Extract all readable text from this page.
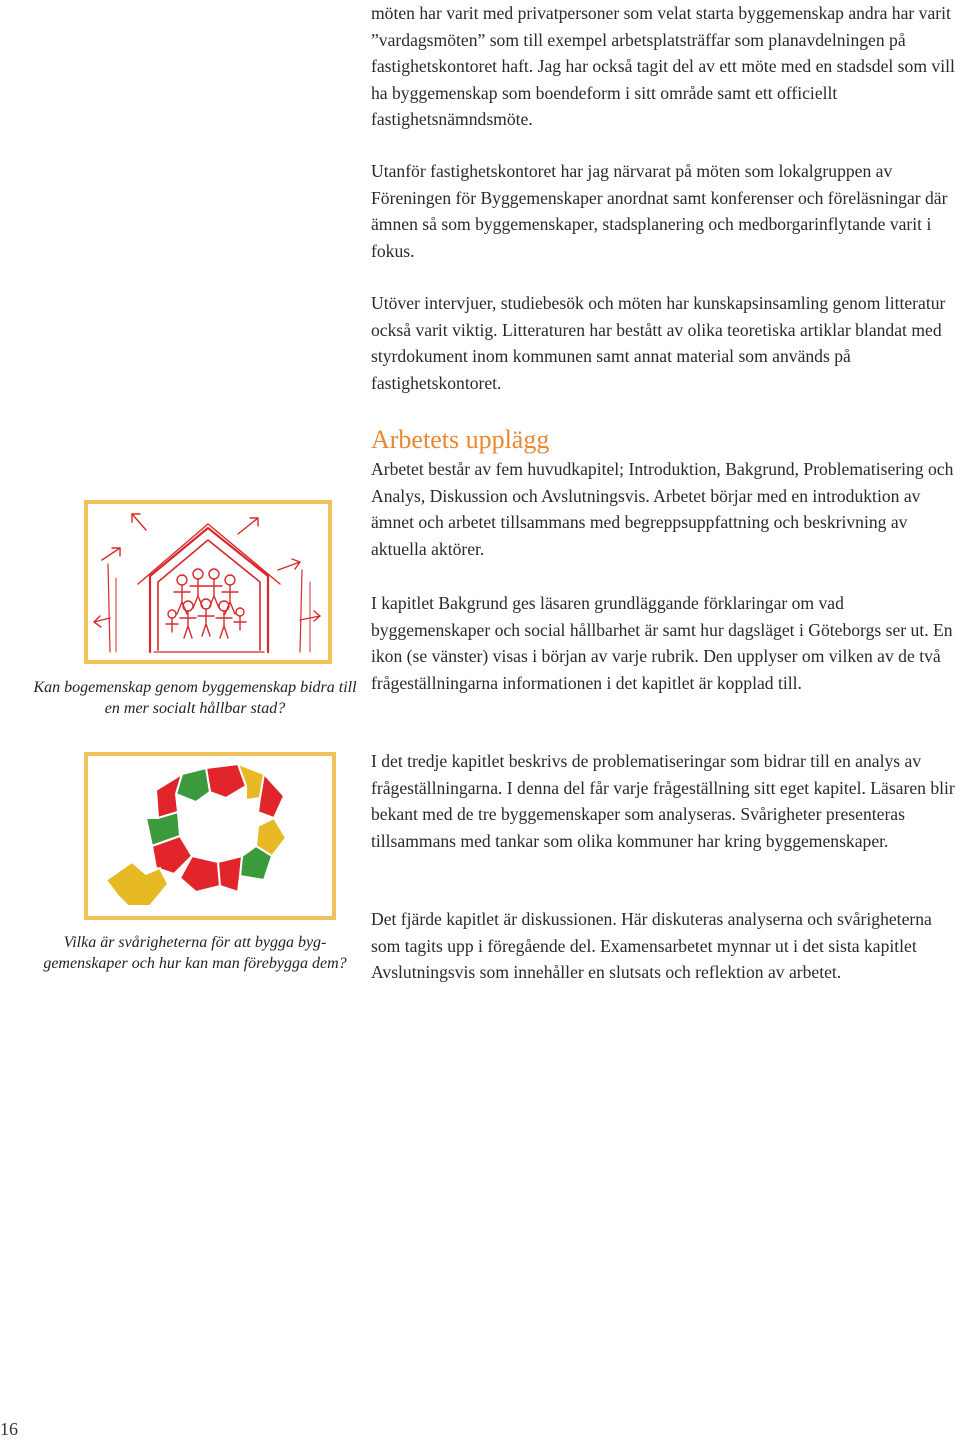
möten har varit med privatpersoner som velat starta byggemenskap andra har varit ”vardagsmöten” som till exempel arbetsplatsträffar som planavdelningen på fastighetskontoret haft. Jag har också tagit del av ett möte med en stadsdel som vill ha byggemenskap som boendeform i sitt område samt ett officiellt fastighetsnämndsmöte.

Utanför fastighetskontoret har jag närvarat på möten som lokalgruppen av Föreningen för Byggemenskaper anordnat samt konferenser och föreläsningar där ämnen så som byggemenskaper, stadsplanering och medborgarinflytande varit i fokus.

Utöver intervjuer, studiebesök och möten har kunskapsinsamling genom litteratur också varit viktig. Litteraturen har bestått av olika teoretiska artiklar blandat med styrdokument inom kommunen samt annat material som används på fastighetskontoret.

Arbetets upplägg

Arbetet består av fem huvudkapitel; Introduktion, Bakgrund, Problematisering och Analys, Diskussion och Avslutningsvis. Arbetet börjar med en introduktion av ämnet och arbetet tillsammans med begreppsuppfattning och beskrivning av aktuella aktörer.

I kapitlet Bakgrund ges läsaren grundläggande förklaringar om vad byggemenskaper och social hållbarhet är samt hur dagsläget i Göteborgs ser ut. En ikon (se vänster) visas i början av varje rubrik. Den upplyser om vilken av de två frågeställningarna informationen i det kapitlet är kopplad till.

I det tredje kapitlet beskrivs de problematiseringar som bidrar till en analys av frågeställningarna. I denna del får varje frågeställning sitt eget kapitel. Läsaren blir bekant med de tre byggemenskaper som analyseras. Svårigheter presenteras tillsammans med tankar som olika kommuner har kring byggemenskaper.

Det fjärde kapitlet är diskussionen. Här diskuteras analyserna och svårigheterna som tagits upp i föregående del. Examensarbetet mynnar ut i det sista kapitlet Avslutningsvis som innehåller en slutsats och reflektion av arbetet.

Kan bogemenskap genom byggemenskap bidra till en mer socialt hållbar stad?
Vilka är svårigheterna för att bygga byg-gemenskaper och hur kan man förebygga dem?
16
